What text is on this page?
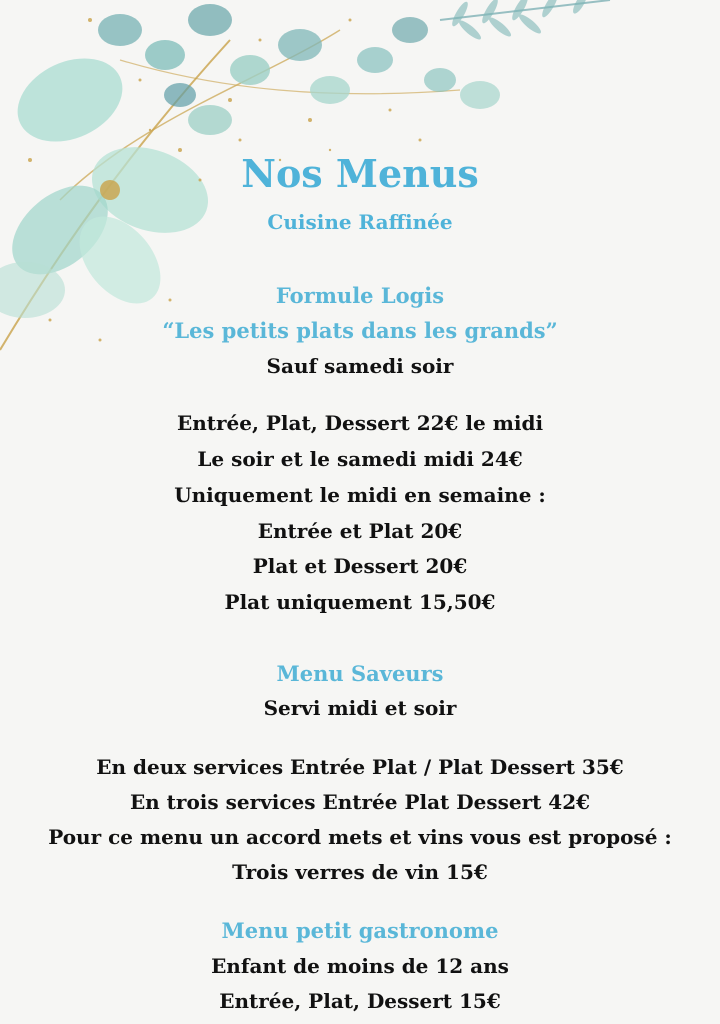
Nos Menus
Cuisine Raffinée
Formule Logis
“Les petits plats dans les grands”
Sauf samedi soir
Entrée, Plat, Dessert 22€ le midi
Le soir et le samedi midi 24€
Uniquement le midi en semaine :
Entrée et Plat 20€
Plat et Dessert 20€
Plat uniquement 15,50€
Menu Saveurs
Servi midi et soir
En deux services Entrée Plat / Plat Dessert 35€
En trois services Entrée Plat Dessert 42€
Pour ce menu un accord mets et vins vous est proposé :
Trois verres de vin 15€
Menu petit gastronome
Enfant de moins de 12 ans
Entrée, Plat, Dessert 15€
